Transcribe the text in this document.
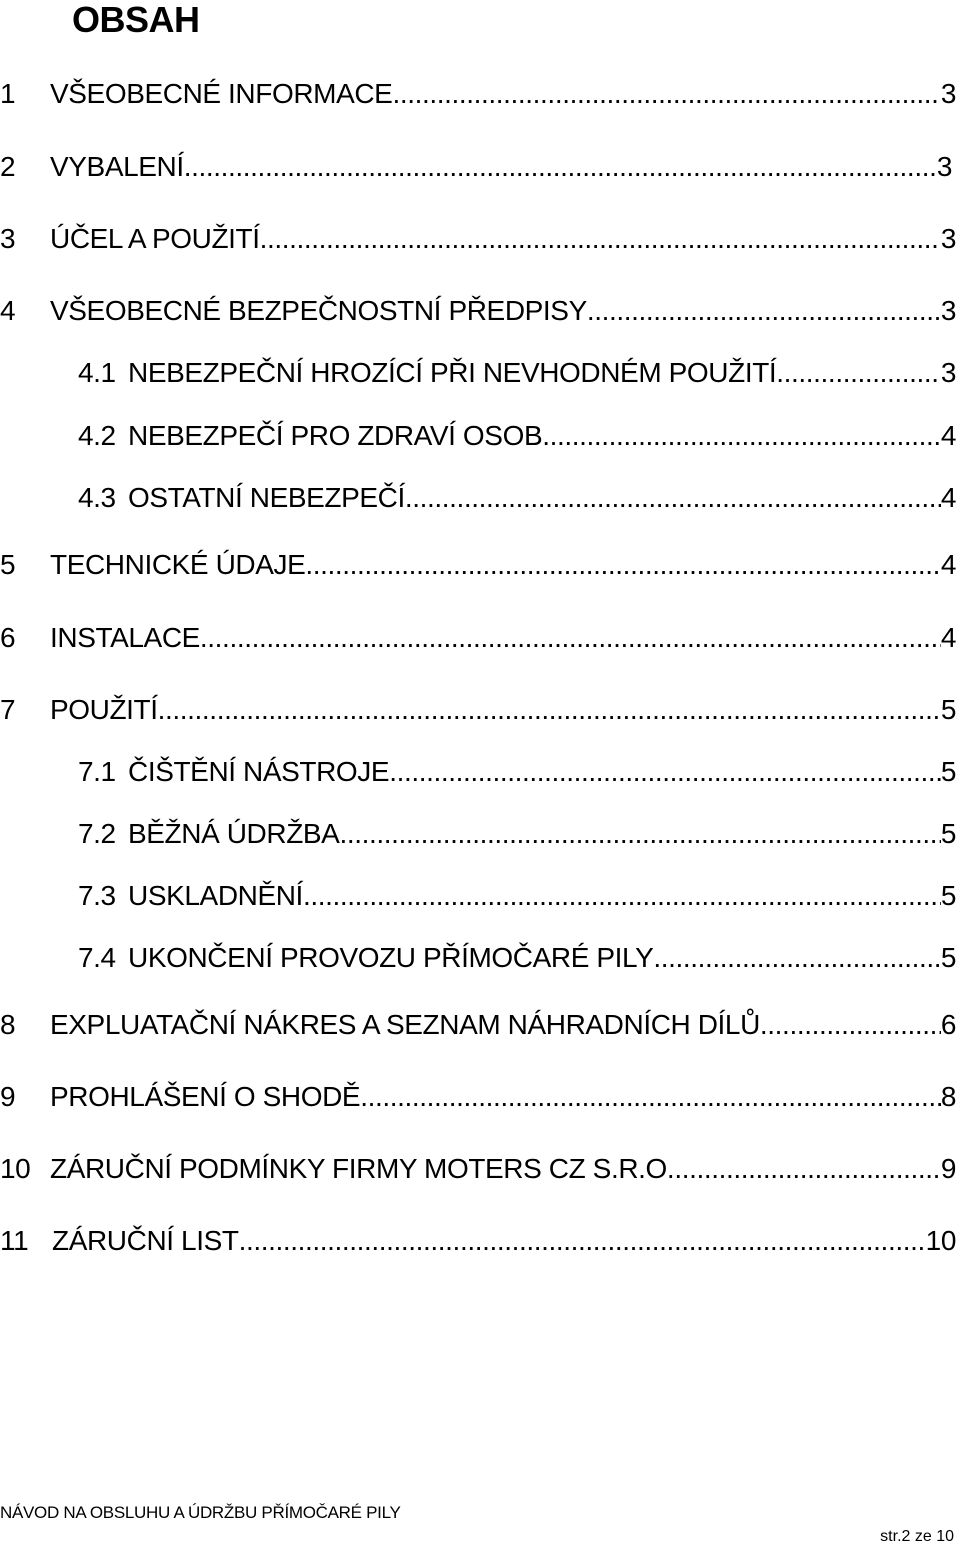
OBSAH
1	VŠEOBECNÉ INFORMACE .....	3
2	VYBALENÍ .....	3
3	ÚČEL A POUŽITÍ .....	3
4	VŠEOBECNÉ BEZPEČNOSTNÍ PŘEDPISY .....	3
4.1 NEBEZPEČNÍ HROZÍCÍ PŘI NEVHODNÉM POUŽITÍ .....	3
4.2 NEBEZPEČÍ PRO ZDRAVÍ OSOB .....	4
4.3 OSTATNÍ NEBEZPEČÍ .....	4
5	TECHNICKÉ ÚDAJE .....	4
6	INSTALACE .....	4
7	POUŽITÍ .....	5
7.1 ČIŠTĚNÍ NÁSTROJE .....	5
7.2 BĚŽNÁ ÚDRŽBA .....	5
7.3 USKLADNĚNÍ .....	5
7.4 UKONČENÍ PROVOZU PŘÍMOČARÉ PILY .....	5
8	EXPLUATAČNÍ NÁKRES A SEZNAM NÁHRADNÍCH DÍLŮ .....	6
9	PROHLÁŠENÍ O SHODĚ .....	8
10 ZÁRUČNÍ PODMÍNKY FIRMY MOTERS CZ S.R.O. .....	9
11 ZÁRUČNÍ LIST .....	10
NÁVOD NA OBSLUHU A ÚDRŽBU PŘÍMOČARÉ PILY
str.2 ze 10
